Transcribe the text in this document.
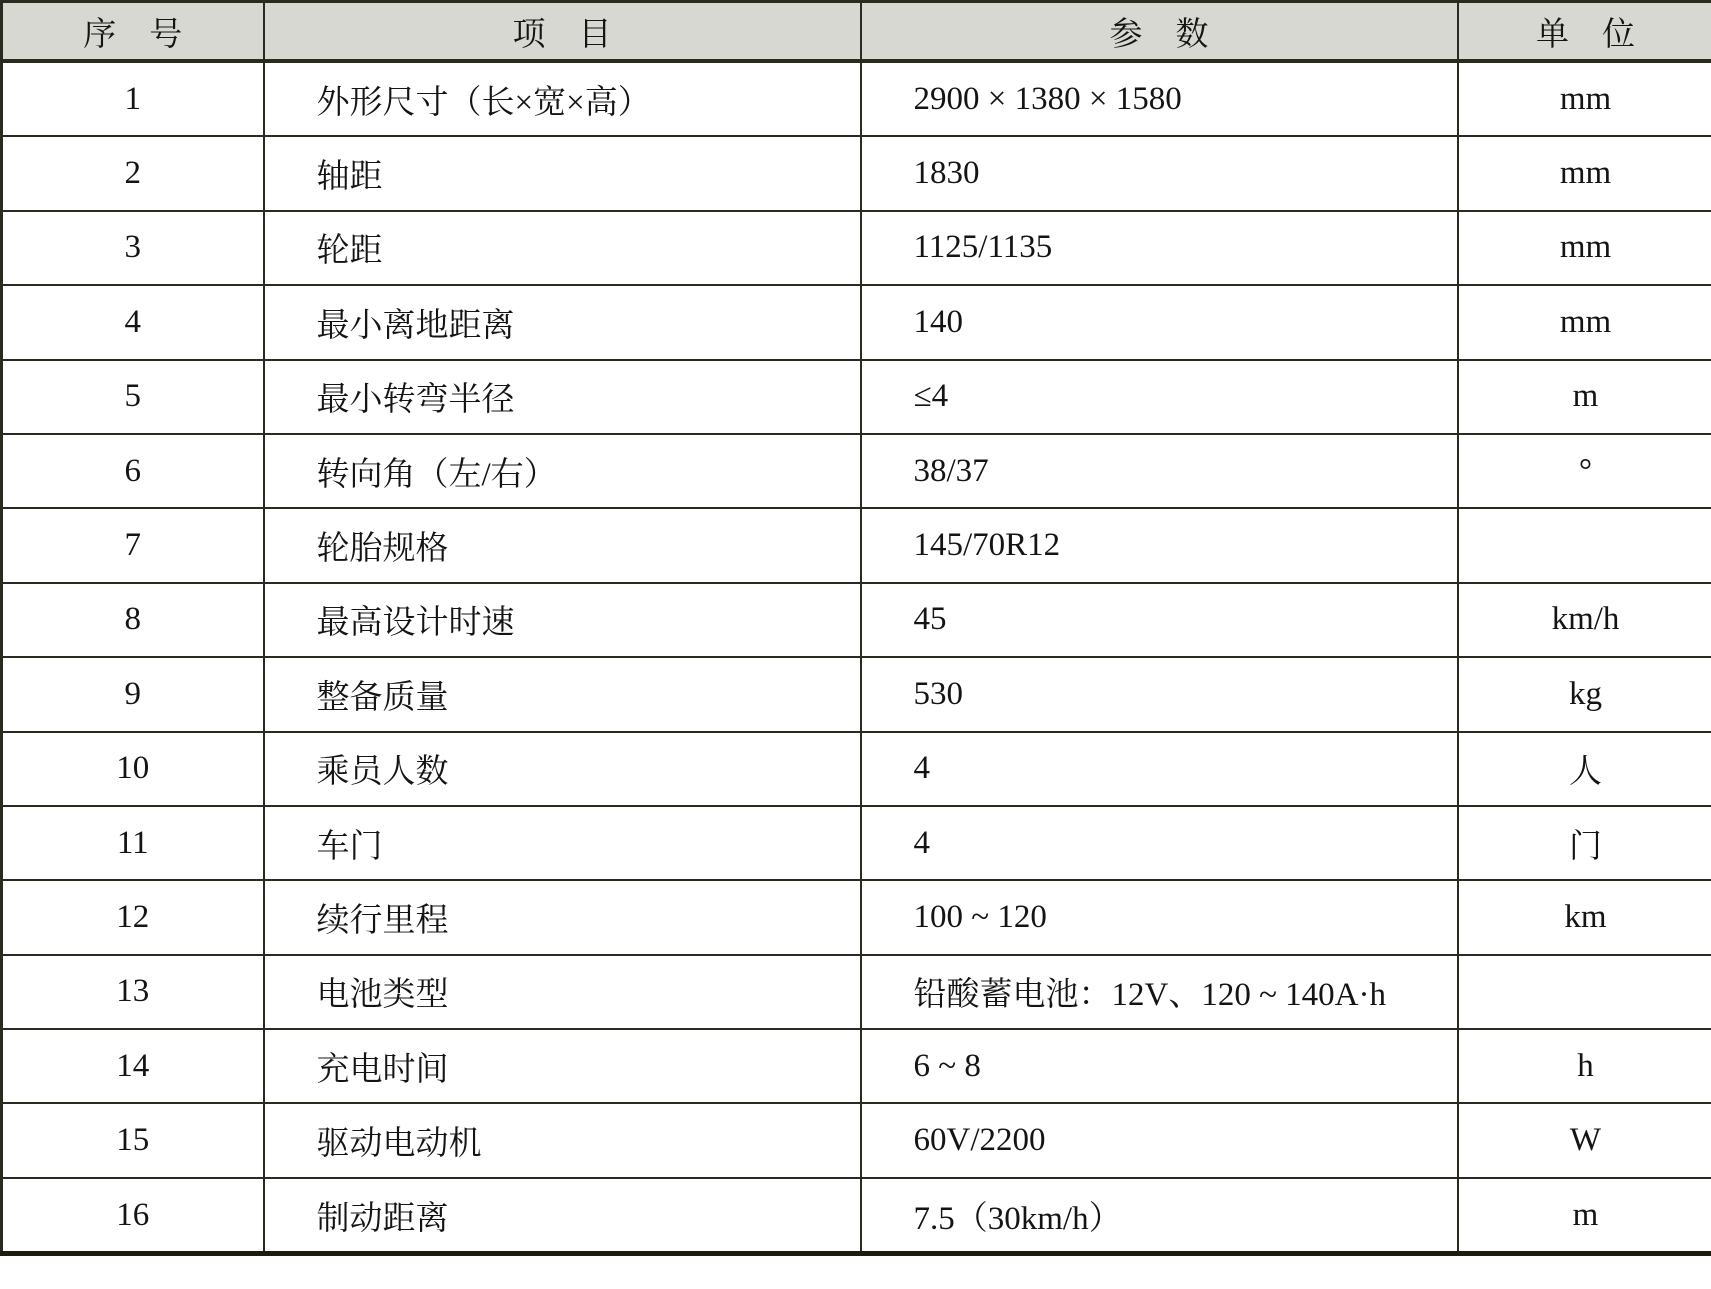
序　号	项　目	参　数	单　位
1	外形尺寸（长×宽×高）	2900 × 1380 × 1580	mm
2	轴距	1830	mm
3	轮距	1125/1135	mm
4	最小离地距离	140	mm
5	最小转弯半径	≤4	m
6	转向角（左/右）	38/37	°
7	轮胎规格	145/70R12	
8	最高设计时速	45	km/h
9	整备质量	530	kg
10	乘员人数	4	人
11	车门	4	门
12	续行里程	100 ~ 120	km
13	电池类型	铅酸蓄电池：12V、120 ~ 140A·h	
14	充电时间	6 ~ 8	h
15	驱动电动机	60V/2200	W
16	制动距离	7.5（30km/h）	m
